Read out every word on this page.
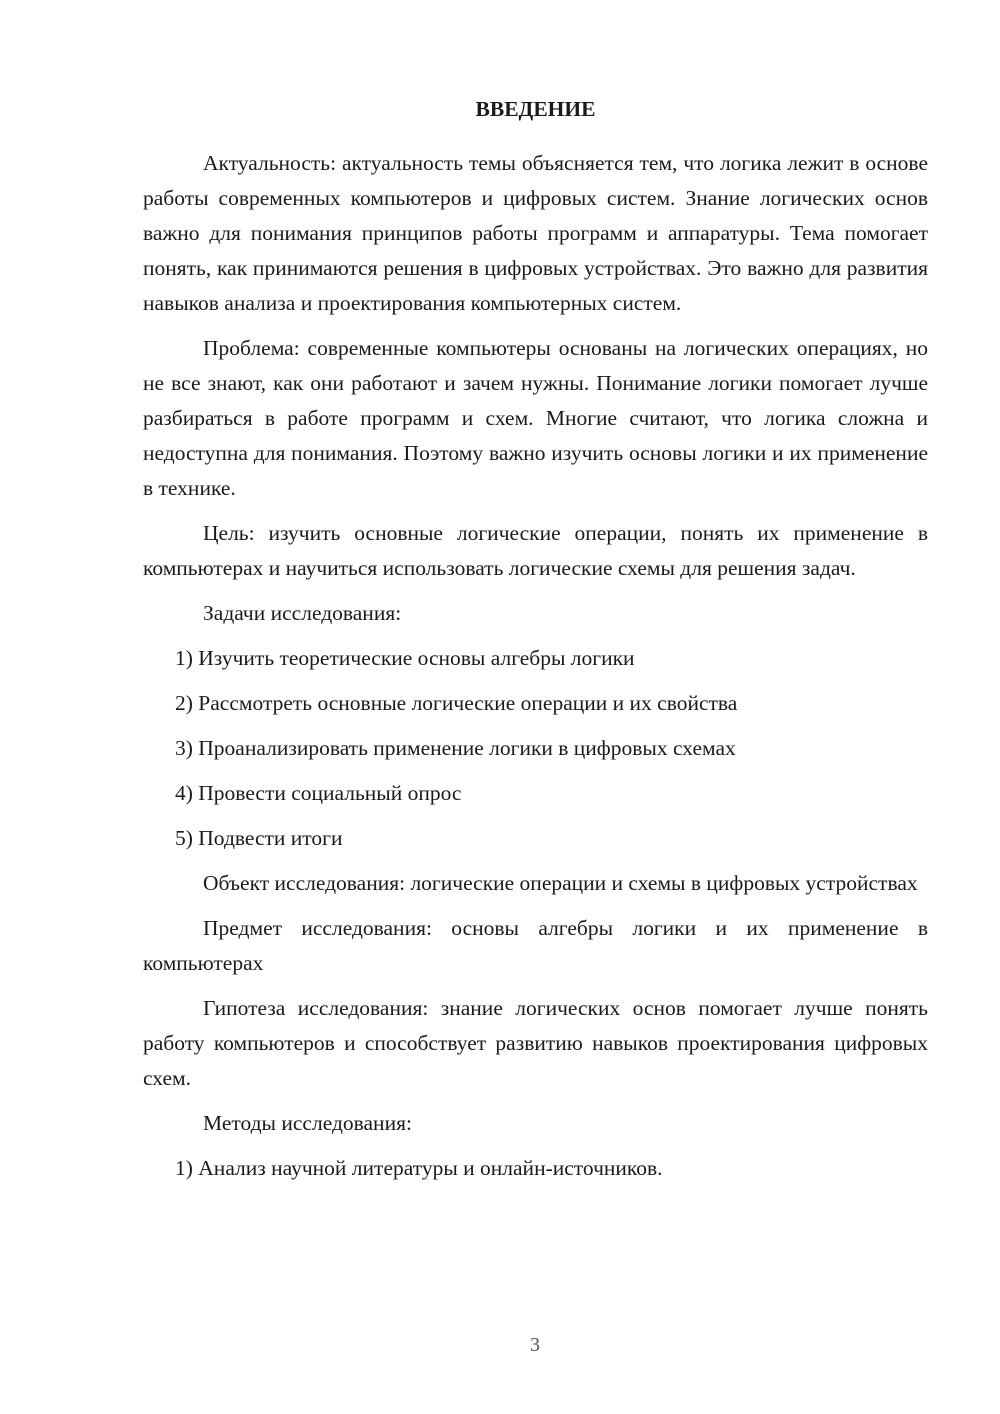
ВВЕДЕНИЕ

Актуальность: актуальность темы объясняется тем, что логика лежит в основе работы современных компьютеров и цифровых систем. Знание логических основ важно для понимания принципов работы программ и аппаратуры. Тема помогает понять, как принимаются решения в цифровых устройствах. Это важно для развития навыков анализа и проектирования компьютерных систем.

Проблема: современные компьютеры основаны на логических операциях, но не все знают, как они работают и зачем нужны. Понимание логики помогает лучше разбираться в работе программ и схем. Многие считают, что логика сложна и недоступна для понимания. Поэтому важно изучить основы логики и их применение в технике.

Цель: изучить основные логические операции, понять их применение в компьютерах и научиться использовать логические схемы для решения задач.

Задачи исследования:

1) Изучить теоретические основы алгебры логики

2) Рассмотреть основные логические операции и их свойства

3) Проанализировать применение логики в цифровых схемах

4) Провести социальный опрос

5) Подвести итоги

Объект исследования: логические операции и схемы в цифровых устройствах

Предмет исследования: основы алгебры логики и их применение в компьютерах

Гипотеза исследования: знание логических основ помогает лучше понять работу компьютеров и способствует развитию навыков проектирования цифровых схем.

Методы исследования:

1) Анализ научной литературы и онлайн-источников.

3
